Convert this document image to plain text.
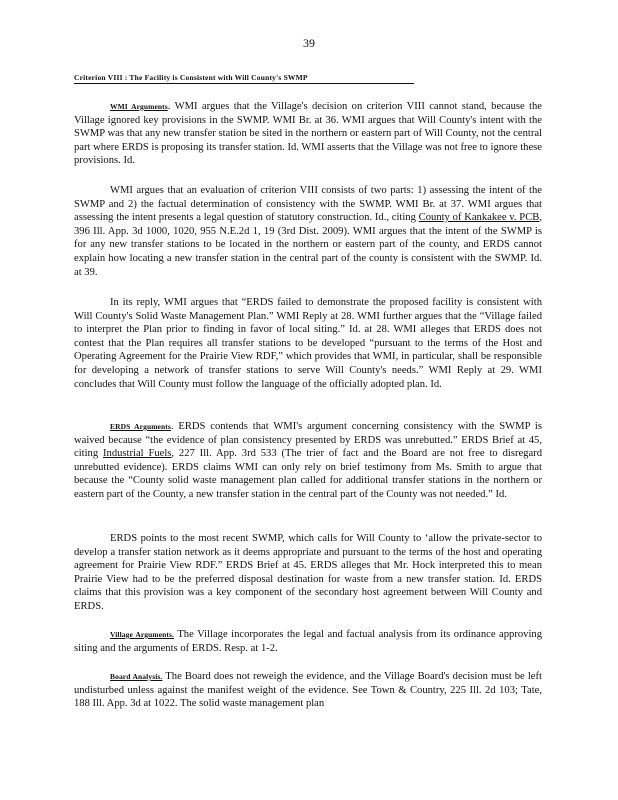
39
Criterion VIII : The Facility is Consistent with Will County's SWMP

WMI Arguments. WMI argues that the Village's decision on criterion VIII cannot stand, because the Village ignored key provisions in the SWMP. WMI Br. at 36. WMI argues that Will County's intent with the SWMP was that any new transfer station be sited in the northern or eastern part of Will County, not the central part where ERDS is proposing its transfer station. Id. WMI asserts that the Village was not free to ignore these provisions. Id.

WMI argues that an evaluation of criterion VIII consists of two parts: 1) assessing the intent of the SWMP and 2) the factual determination of consistency with the SWMP. WMI Br. at 37. WMI argues that assessing the intent presents a legal question of statutory construction. Id., citing County of Kankakee v. PCB, 396 Ill. App. 3d 1000, 1020, 955 N.E.2d 1, 19 (3rd Dist. 2009). WMI argues that the intent of the SWMP is for any new transfer stations to be located in the northern or eastern part of the county, and ERDS cannot explain how locating a new transfer station in the central part of the county is consistent with the SWMP. Id. at 39.

In its reply, WMI argues that “ERDS failed to demonstrate the proposed facility is consistent with Will County's Solid Waste Management Plan.” WMI Reply at 28. WMI further argues that the “Village failed to interpret the Plan prior to finding in favor of local siting.” Id. at 28. WMI alleges that ERDS does not contest that the Plan requires all transfer stations to be developed “pursuant to the terms of the Host and Operating Agreement for the Prairie View RDF,” which provides that WMI, in particular, shall be responsible for developing a network of transfer stations to serve Will County's needs.” WMI Reply at 29. WMI concludes that Will County must follow the language of the officially adopted plan. Id.

ERDS Arguments. ERDS contends that WMI's argument concerning consistency with the SWMP is waived because “the evidence of plan consistency presented by ERDS was unrebutted.” ERDS Brief at 45, citing Industrial Fuels, 227 Ill. App. 3rd 533 (The trier of fact and the Board are not free to disregard unrebutted evidence). ERDS claims WMI can only rely on brief testimony from Ms. Smith to argue that because the “County solid waste management plan called for additional transfer stations in the northern or eastern part of the County, a new transfer station in the central part of the County was not needed.” Id.

ERDS points to the most recent SWMP, which calls for Will County to ‘allow the private-sector to develop a transfer station network as it deems appropriate and pursuant to the terms of the host and operating agreement for Prairie View RDF.” ERDS Brief at 45. ERDS alleges that Mr. Hock interpreted this to mean Prairie View had to be the preferred disposal destination for waste from a new transfer station. Id. ERDS claims that this provision was a key component of the secondary host agreement between Will County and ERDS.

Village Arguments. The Village incorporates the legal and factual analysis from its ordinance approving siting and the arguments of ERDS. Resp. at 1-2.

Board Analysis. The Board does not reweigh the evidence, and the Village Board's decision must be left undisturbed unless against the manifest weight of the evidence. See Town & Country, 225 Ill. 2d 103; Tate, 188 Ill. App. 3d at 1022. The solid waste management plan
